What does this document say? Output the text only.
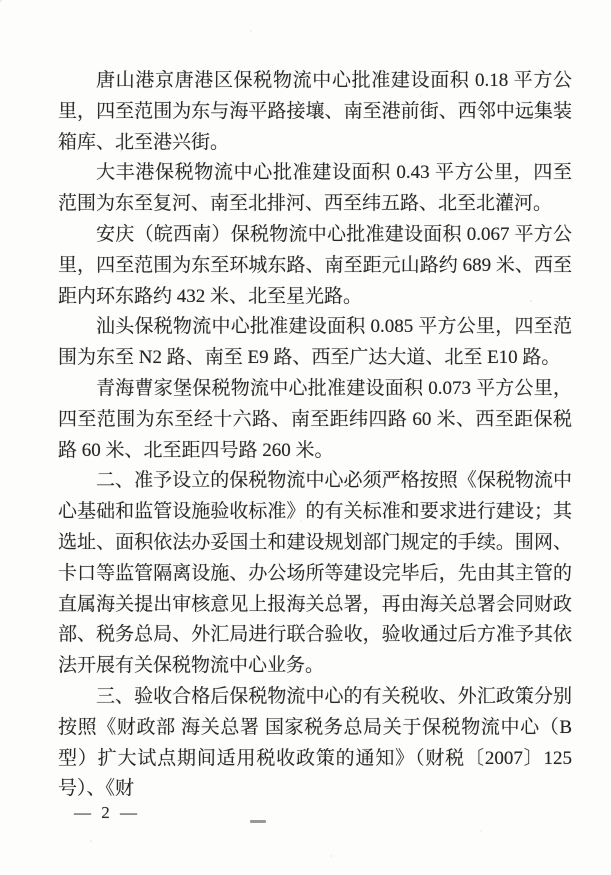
唐山港京唐港区保税物流中心批准建设面积 0.18 平方公里，四至范围为东与海平路接壤、南至港前街、西邻中远集装箱库、北至港兴街。

大丰港保税物流中心批准建设面积 0.43 平方公里，四至范围为东至复河、南至北排河、西至纬五路、北至北灌河。

安庆（皖西南）保税物流中心批准建设面积 0.067 平方公里，四至范围为东至环城东路、南至距元山路约 689 米、西至距内环东路约 432 米、北至星光路。

汕头保税物流中心批准建设面积 0.085 平方公里，四至范围为东至 N2 路、南至 E9 路、西至广达大道、北至 E10 路。

青海曹家堡保税物流中心批准建设面积 0.073 平方公里，四至范围为东至经十六路、南至距纬四路 60 米、西至距保税路 60 米、北至距四号路 260 米。

二、准予设立的保税物流中心必须严格按照《保税物流中心基础和监管设施验收标准》的有关标准和要求进行建设；其选址、面积依法办妥国土和建设规划部门规定的手续。围网、卡口等监管隔离设施、办公场所等建设完毕后，先由其主管的直属海关提出审核意见上报海关总署，再由海关总署会同财政部、税务总局、外汇局进行联合验收，验收通过后方准予其依法开展有关保税物流中心业务。

三、验收合格后保税物流中心的有关税收、外汇政策分别按照《财政部 海关总署 国家税务总局关于保税物流中心（B 型）扩大试点期间适用税收政策的通知》（财税〔2007〕125 号）、《财

— 2 —
